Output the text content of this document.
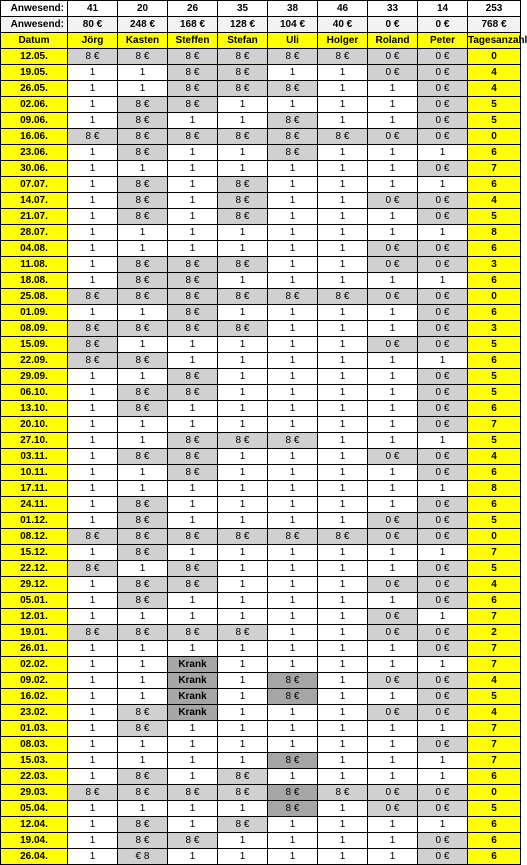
Anwesend:	41	20	26	35	38	46	33	14	253
Anwesend:	80 €	248 €	168 €	128 €	104 €	40 €	0 €	0 €	768 €
Datum	Jörg	Kasten	Steffen	Stefan	Uli	Holger	Roland	Peter	Tagesanzahl
12.05.	8 €	8 €	8 €	8 €	8 €	8 €	0 €	0 €	0
19.05.	1	1	8 €	8 €	1	1	0 €	0 €	4
26.05.	1	1	8 €	8 €	8 €	1	1	0 €	4
02.06.	1	8 €	8 €	1	1	1	1	0 €	5
09.06.	1	8 €	1	1	8 €	1	1	0 €	5
16.06.	8 €	8 €	8 €	8 €	8 €	8 €	0 €	0 €	0
23.06.	1	8 €	1	1	8 €	1	1	1	6
30.06.	1	1	1	1	1	1	1	0 €	7
07.07.	1	8 €	1	8 €	1	1	1	1	6
14.07.	1	8 €	1	8 €	1	1	0 €	0 €	4
21.07.	1	8 €	1	8 €	1	1	1	0 €	5
28.07.	1	1	1	1	1	1	1	1	8
04.08.	1	1	1	1	1	1	0 €	0 €	6
11.08.	1	8 €	8 €	8 €	1	1	0 €	0 €	3
18.08.	1	8 €	8 €	1	1	1	1	1	6
25.08.	8 €	8 €	8 €	8 €	8 €	8 €	0 €	0 €	0
01.09.	1	1	8 €	1	1	1	1	0 €	6
08.09.	8 €	8 €	8 €	8 €	1	1	1	0 €	3
15.09.	8 €	1	1	1	1	1	0 €	0 €	5
22.09.	8 €	8 €	1	1	1	1	1	1	6
29.09.	1	1	8 €	1	1	1	1	0 €	5
06.10.	1	8 €	8 €	1	1	1	1	0 €	5
13.10.	1	8 €	1	1	1	1	1	0 €	6
20.10.	1	1	1	1	1	1	1	0 €	7
27.10.	1	1	8 €	8 €	8 €	1	1	1	5
03.11.	1	8 €	8 €	1	1	1	0 €	0 €	4
10.11.	1	1	8 €	1	1	1	1	0 €	6
17.11.	1	1	1	1	1	1	1	1	8
24.11.	1	8 €	1	1	1	1	1	0 €	6
01.12.	1	8 €	1	1	1	1	0 €	0 €	5
08.12.	8 €	8 €	8 €	8 €	8 €	8 €	0 €	0 €	0
15.12.	1	8 €	1	1	1	1	1	1	7
22.12.	8 €	1	8 €	1	1	1	1	0 €	5
29.12.	1	8 €	8 €	1	1	1	0 €	0 €	4
05.01.	1	8 €	1	1	1	1	1	0 €	6
12.01.	1	1	1	1	1	1	0 €	1	7
19.01.	8 €	8 €	8 €	8 €	1	1	0 €	0 €	2
26.01.	1	1	1	1	1	1	1	0 €	7
02.02.	1	1	Krank	1	1	1	1	1	7
09.02.	1	1	Krank	1	8 €	1	0 €	0 €	4
16.02.	1	1	Krank	1	8 €	1	1	0 €	5
23.02.	1	8 €	Krank	1	1	1	0 €	0 €	4
01.03.	1	8 €	1	1	1	1	1	1	7
08.03.	1	1	1	1	1	1	1	0 €	7
15.03.	1	1	1	1	8 €	1	1	1	7
22.03.	1	8 €	1	8 €	1	1	1	1	6
29.03.	8 €	8 €	8 €	8 €	8 €	8 €	0 €	0 €	0
05.04.	1	1	1	1	8 €	1	0 €	0 €	5
12.04.	1	8 €	1	8 €	1	1	1	1	6
19.04.	1	8 €	8 €	1	1	1	1	0 €	6
26.04.	1	€ 8	1	1	1	1	1	0 €	6
